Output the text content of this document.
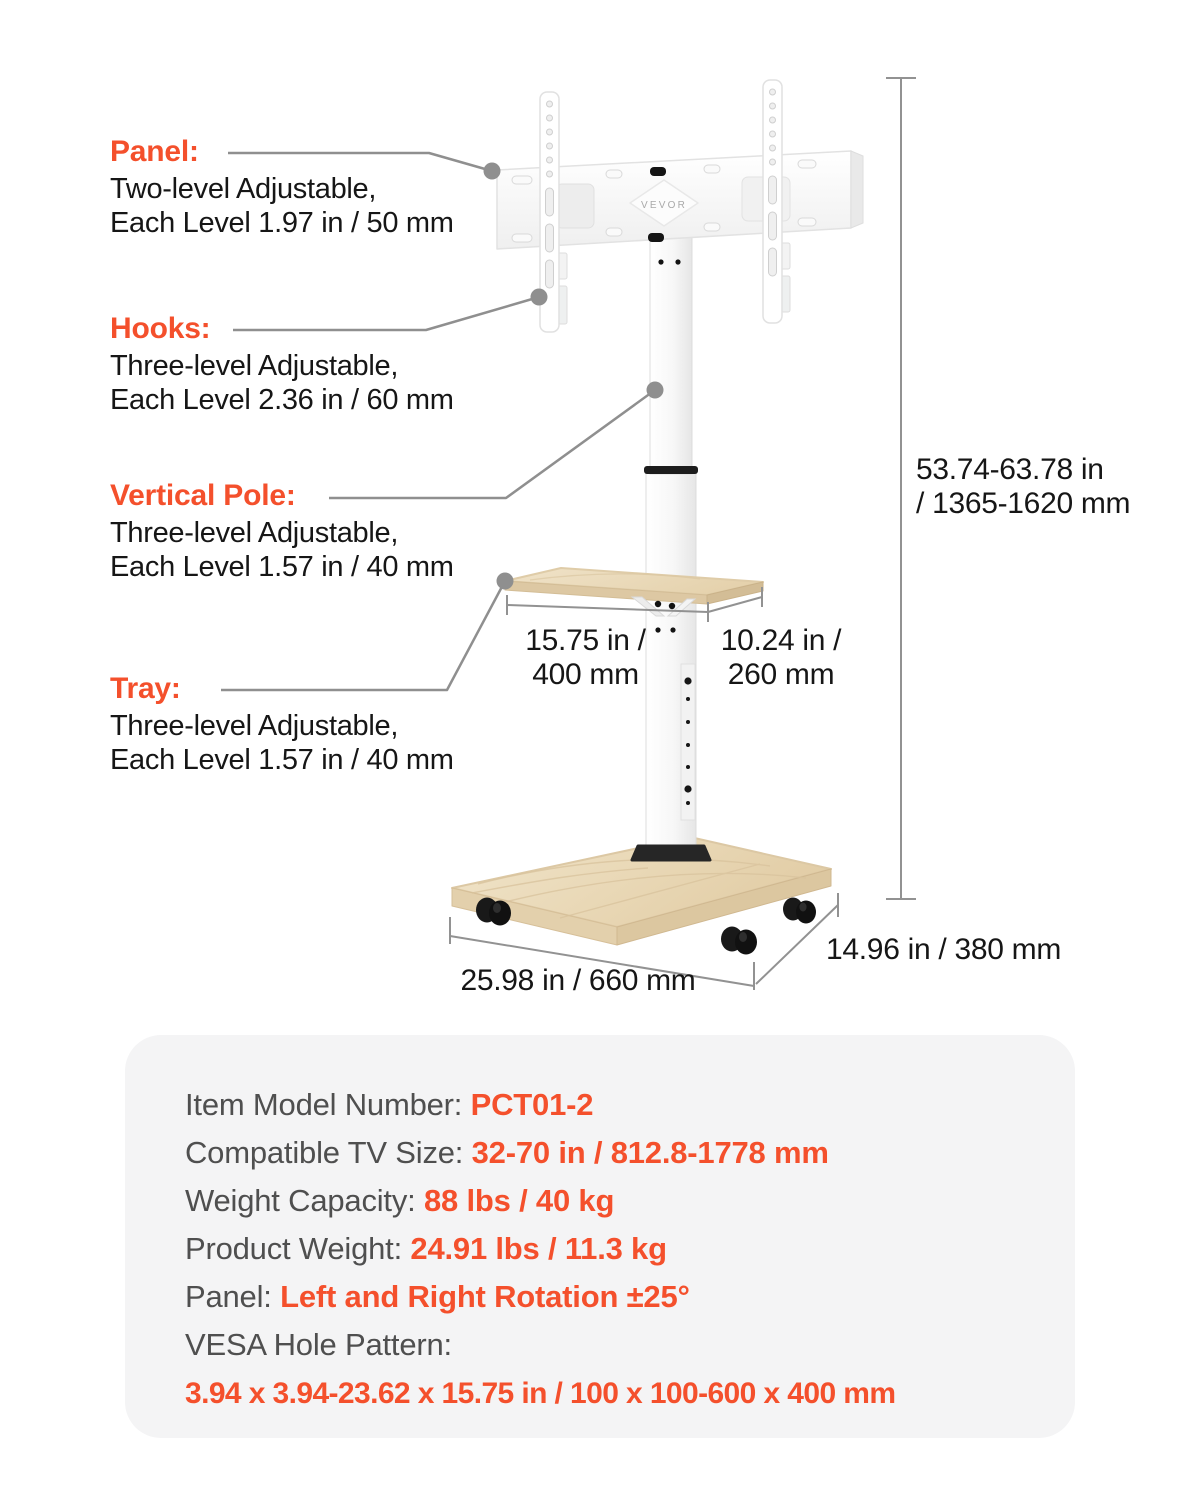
VEVOR
Panel:
Two-level Adjustable,
Each Level 1.97 in / 50 mm
Hooks:
Three-level Adjustable,
Each Level 2.36 in / 60 mm
Vertical Pole:
Three-level Adjustable,
Each Level 1.57 in / 40 mm
Tray:
Three-level Adjustable,
Each Level 1.57 in / 40 mm
53.74-63.78 in
/ 1365-1620 mm
15.75 in /
400 mm
10.24 in /
260 mm
25.98 in / 660 mm
14.96 in / 380 mm
Item Model Number: PCT01-2
Compatible TV Size: 32-70 in / 812.8-1778 mm
Weight Capacity: 88 lbs / 40 kg
Product Weight: 24.91 lbs / 11.3 kg
Panel: Left and Right Rotation ±25°
VESA Hole Pattern:
3.94 x 3.94-23.62 x 15.75 in / 100 x 100-600 x 400 mm
